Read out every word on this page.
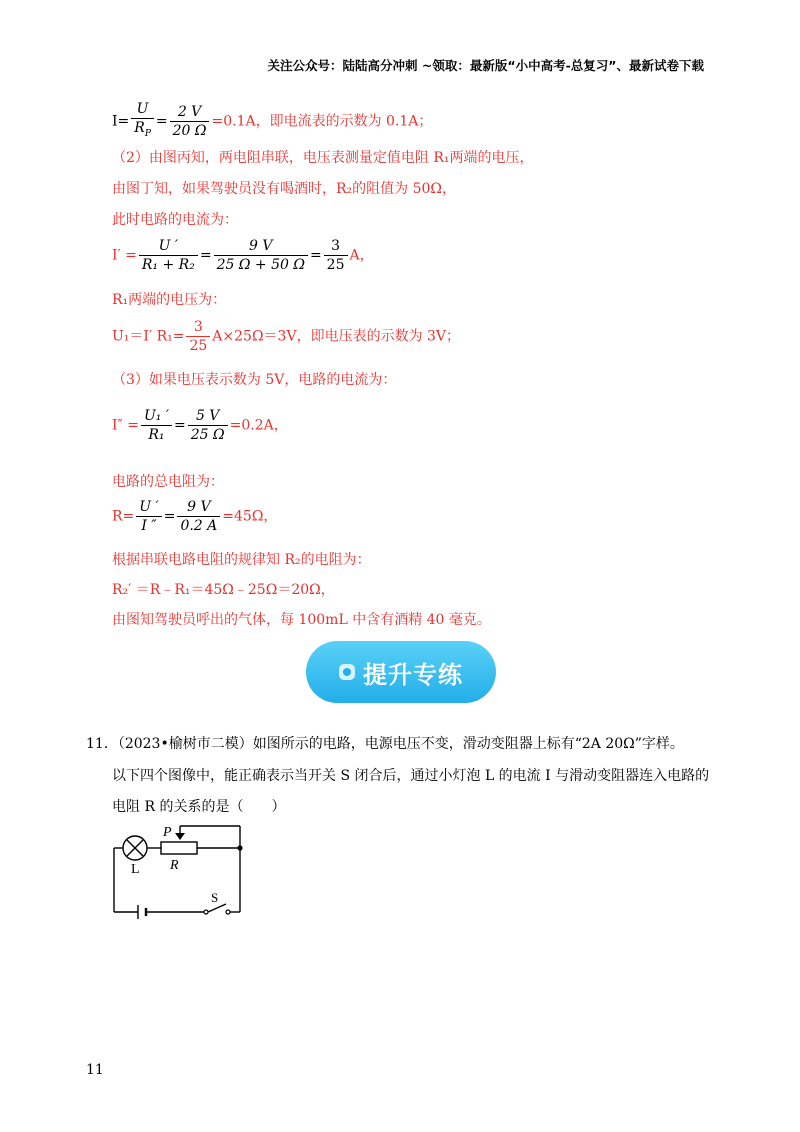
关注公众号：陆陆高分冲刺 ~领取：最新版“小中高考-总复习”、最新试卷下载
$I= \frac{U}{R_P} = \frac{2 V}{20 \Omega} =0.1A$，即电流表的示数为 0.1A；
（2）由图丙知，两电阻串联，电压表测量定值电阻 R₁两端的电压，
由图丁知，如果驾驶员没有喝酒时，R₂的阻值为 50Ω，
此时电路的电流为：
$I' = \frac{U '}{\text{R₁ + R₂}} = \frac{9 V}{25 \Omega + 50 \Omega} = \frac{3}{25}$ A，
R₁两端的电压为：
U₁＝I′ $R_1= \frac{3}{25} A\times 25\Omega=3V$，即电压表的示数为 3V；
（3）如果电压表示数为 5V，电路的电流为：
$I'' = \frac{\text{U₁ ′}}{\text{R₁}} = \frac{5 V}{25 \Omega} =0.2A$，
电路的总电阻为：
$R= \frac{U '}{I ''} = \frac{9 V}{0.2 A} =45\Omega$，
根据串联电路电阻的规律知 R₂的电阻为：
R₂′ ＝R﹣R₁＝45Ω﹣25Ω＝20Ω，
由图知驾驶员呼出的气体，每 100mL 中含有酒精 40 毫克。
提升专练
11．（2023•榆树市二模）如图所示的电路，电源电压不变，滑动变阻器上标有“2A 20Ω”字样。
以下四个图像中，能正确表示当开关 S 闭合后，通过小灯泡 L 的电流 I 与滑动变阻器连入电路的
电阻 R 的关系的是（　　）
L
P
R
S
11
